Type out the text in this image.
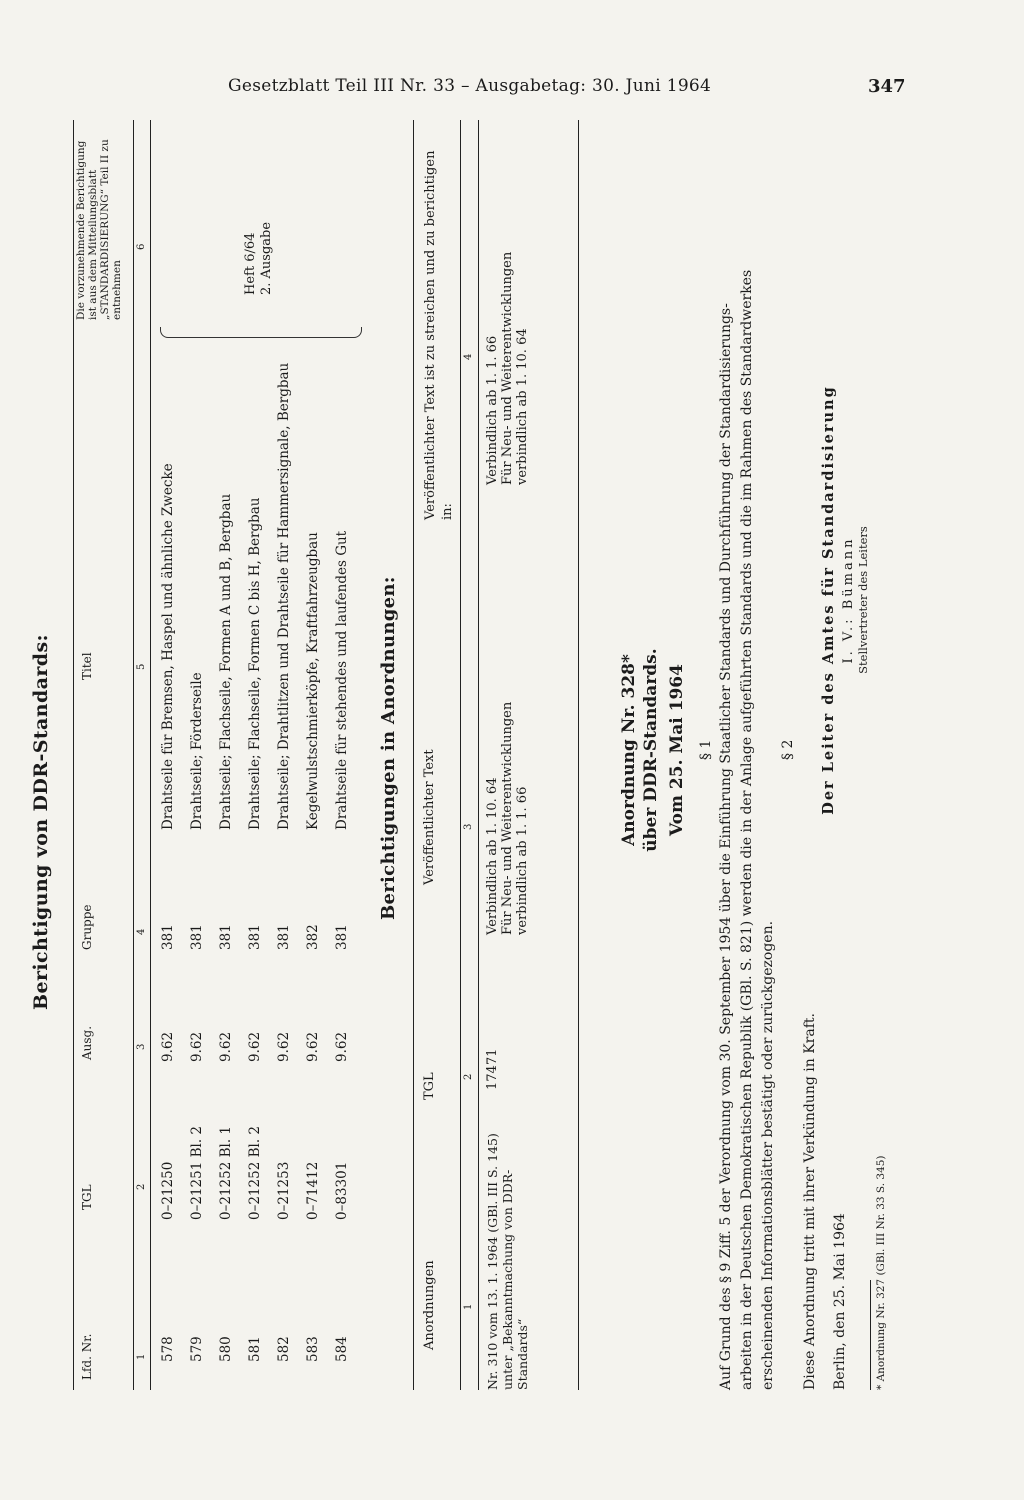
Gesetzblatt Teil III Nr. 33 – Ausgabetag: 30. Juni 1964	347
Berichtigung von DDR-Standards:
Lfd. Nr.
TGL
Ausg.
Gruppe
Titel
Die vorzunehmende Berichtigung ist aus dem Mitteilungsblatt „STANDARDISIERUNG“ Teil II zu entnehmen
1
2
3
4
5
6
578
0–21250
9.62
381
Drahtseile für Bremsen, Haspel und ähnliche Zwecke
579
0–21251 Bl. 2
9.62
381
Drahtseile; Förderseile
580
0–21252 Bl. 1
9.62
381
Drahtseile; Flachseile, Formen A und B, Bergbau
581
0–21252 Bl. 2
9.62
381
Drahtseile; Flachseile, Formen C bis H, Bergbau
582
0–21253
9.62
381
Drahtseile; Drahtlitzen und Drahtseile für Hammersignale, Bergbau
583
0–71412
9.62
382
Kegelwulstschmierköpfe, Kraftfahrzeugbau
584
0–83301
9.62
381
Drahtseile für stehendes und laufendes Gut
Heft 6/64 2. Ausgabe
Berichtigungen in Anordnungen:
Anordnungen
TGL
Veröffentlichter Text
Veröffentlichter Text ist zu streichen und zu berichtigen in:
1
2
3
4
Nr. 310 vom 13. 1. 1964 (GBl. III S. 145) unter „Bekanntmachung von DDR- Standards“
17471
Verbindlich ab 1. 10. 64 Für Neu- und Weiterentwicklungen verbindlich ab 1. 1. 66
Verbindlich ab 1. 1. 66 Für Neu- und Weiterentwicklungen verbindlich ab 1. 10. 64
Anordnung Nr. 328* über DDR-Standards. Vom 25. Mai 1964 § 1 Auf Grund des § 9 Ziff. 5 der Verordnung vom 30. September 1954 über die Einführung Staatlicher Standards und Durchführung der Standardisierungs- arbeiten in der Deutschen Demokratischen Republik (GBl. S. 821) werden die in der Anlage aufgeführten Standards und die im Rahmen des Standardwerkes erscheinenden Informationsblätter bestätigt oder zurückgezogen.
§ 2
Diese Anordnung tritt mit ihrer Verkündung in Kraft. Berlin, den 25. Mai 1964
Der Leiter des Amtes für Standardisierung I. V.: Bümann Stellvertreter des Leiters
* Anordnung Nr. 327 (GBl. III Nr. 33 S. 345)
